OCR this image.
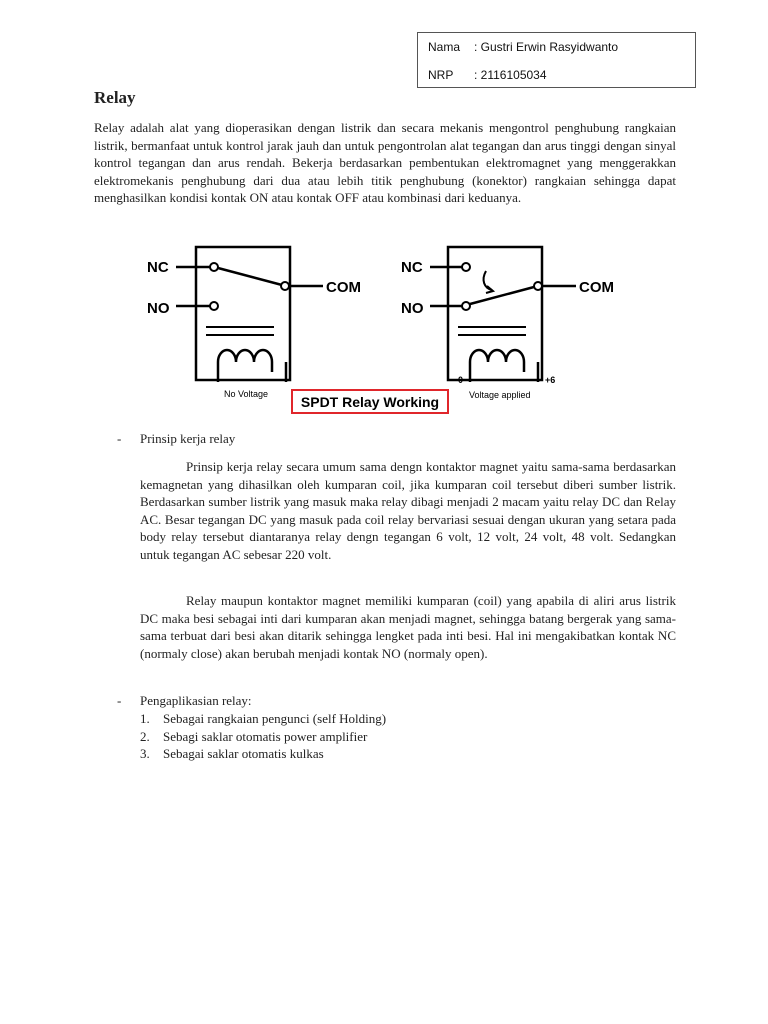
Nama : Gustri Erwin Rasyidwanto
NRP : 2116105034
Relay

Relay adalah alat yang dioperasikan dengan listrik dan secara mekanis mengontrol penghubung rangkaian listrik, bermanfaat untuk kontrol jarak jauh dan untuk pengontrolan alat tegangan dan arus tinggi dengan sinyal kontrol tegangan dan arus rendah. Bekerja berdasarkan pembentukan elektromagnet yang menggerakkan elektromekanis penghubung dari dua atau lebih titik penghubung (konektor) rangkaian sehingga dapat menghasilkan kondisi kontak ON atau kontak OFF atau kombinasi dari keduanya.

NC
NO
COM
No Voltage
NC
NO
COM
0	+6
Voltage applied
SPDT Relay Working
- Prinsip kerja relay

Prinsip kerja relay secara umum sama dengn kontaktor magnet yaitu sama-sama berdasarkan kemagnetan yang dihasilkan oleh kumparan coil, jika kumparan coil tersebut diberi sumber listrik. Berdasarkan sumber listrik yang masuk maka relay dibagi menjadi 2 macam yaitu relay DC dan Relay AC. Besar tegangan DC yang masuk pada coil relay bervariasi sesuai dengan ukuran yang setara pada body relay tersebut diantaranya relay dengn tegangan 6 volt, 12 volt, 24 volt, 48 volt. Sedangkan untuk tegangan AC sebesar 220 volt.

Relay maupun kontaktor magnet memiliki kumparan (coil) yang apabila di aliri arus listrik DC maka besi sebagai inti dari kumparan akan menjadi magnet, sehingga batang bergerak yang sama-sama terbuat dari besi akan ditarik sehingga lengket pada inti besi. Hal ini mengakibatkan kontak NC (normaly close) akan berubah menjadi kontak NO (normaly open).

- Pengaplikasian relay:
1. Sebagai rangkaian pengunci (self Holding)
2. Sebagi saklar otomatis power amplifier
3. Sebagai saklar otomatis kulkas
